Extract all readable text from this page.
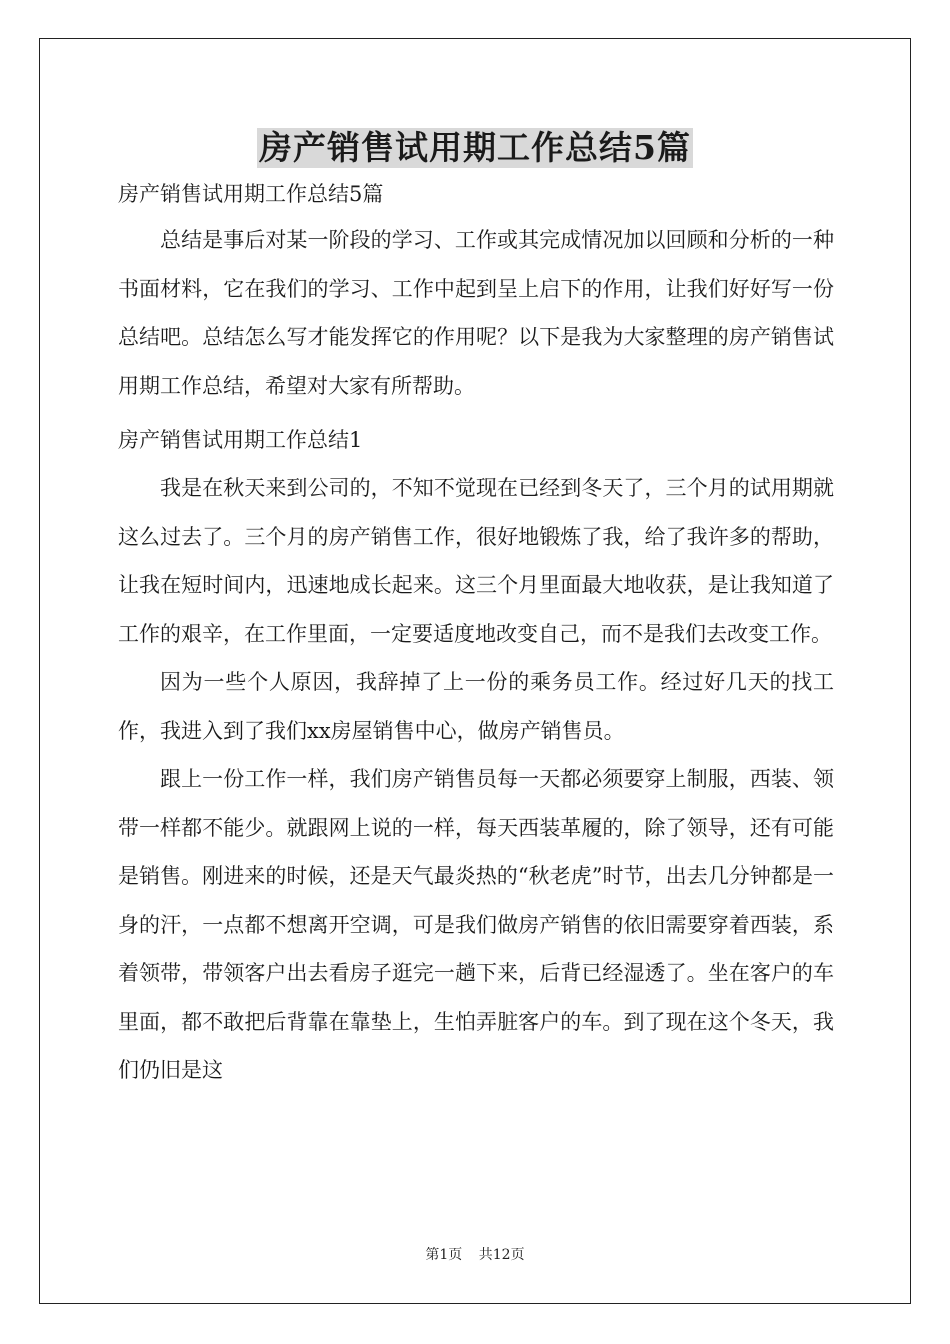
房产销售试用期工作总结5篇

房产销售试用期工作总结5篇

总结是事后对某一阶段的学习、工作或其完成情况加以回顾和分析的一种书面材料，它在我们的学习、工作中起到呈上启下的作用，让我们好好写一份总结吧。总结怎么写才能发挥它的作用呢？以下是我为大家整理的房产销售试用期工作总结，希望对大家有所帮助。

房产销售试用期工作总结1

我是在秋天来到公司的，不知不觉现在已经到冬天了，三个月的试用期就这么过去了。三个月的房产销售工作，很好地锻炼了我，给了我许多的帮助，让我在短时间内，迅速地成长起来。这三个月里面最大地收获，是让我知道了工作的艰辛，在工作里面，一定要适度地改变自己，而不是我们去改变工作。

因为一些个人原因，我辞掉了上一份的乘务员工作。经过好几天的找工作，我进入到了我们xx房屋销售中心，做房产销售员。

跟上一份工作一样，我们房产销售员每一天都必须要穿上制服，西装、领带一样都不能少。就跟网上说的一样，每天西装革履的，除了领导，还有可能是销售。刚进来的时候，还是天气最炎热的“秋老虎”时节，出去几分钟都是一身的汗，一点都不想离开空调，可是我们做房产销售的依旧需要穿着西装，系着领带，带领客户出去看房子逛完一趟下来，后背已经湿透了。坐在客户的车里面，都不敢把后背靠在靠垫上，生怕弄脏客户的车。到了现在这个冬天，我们仍旧是这

第1页 共12页
